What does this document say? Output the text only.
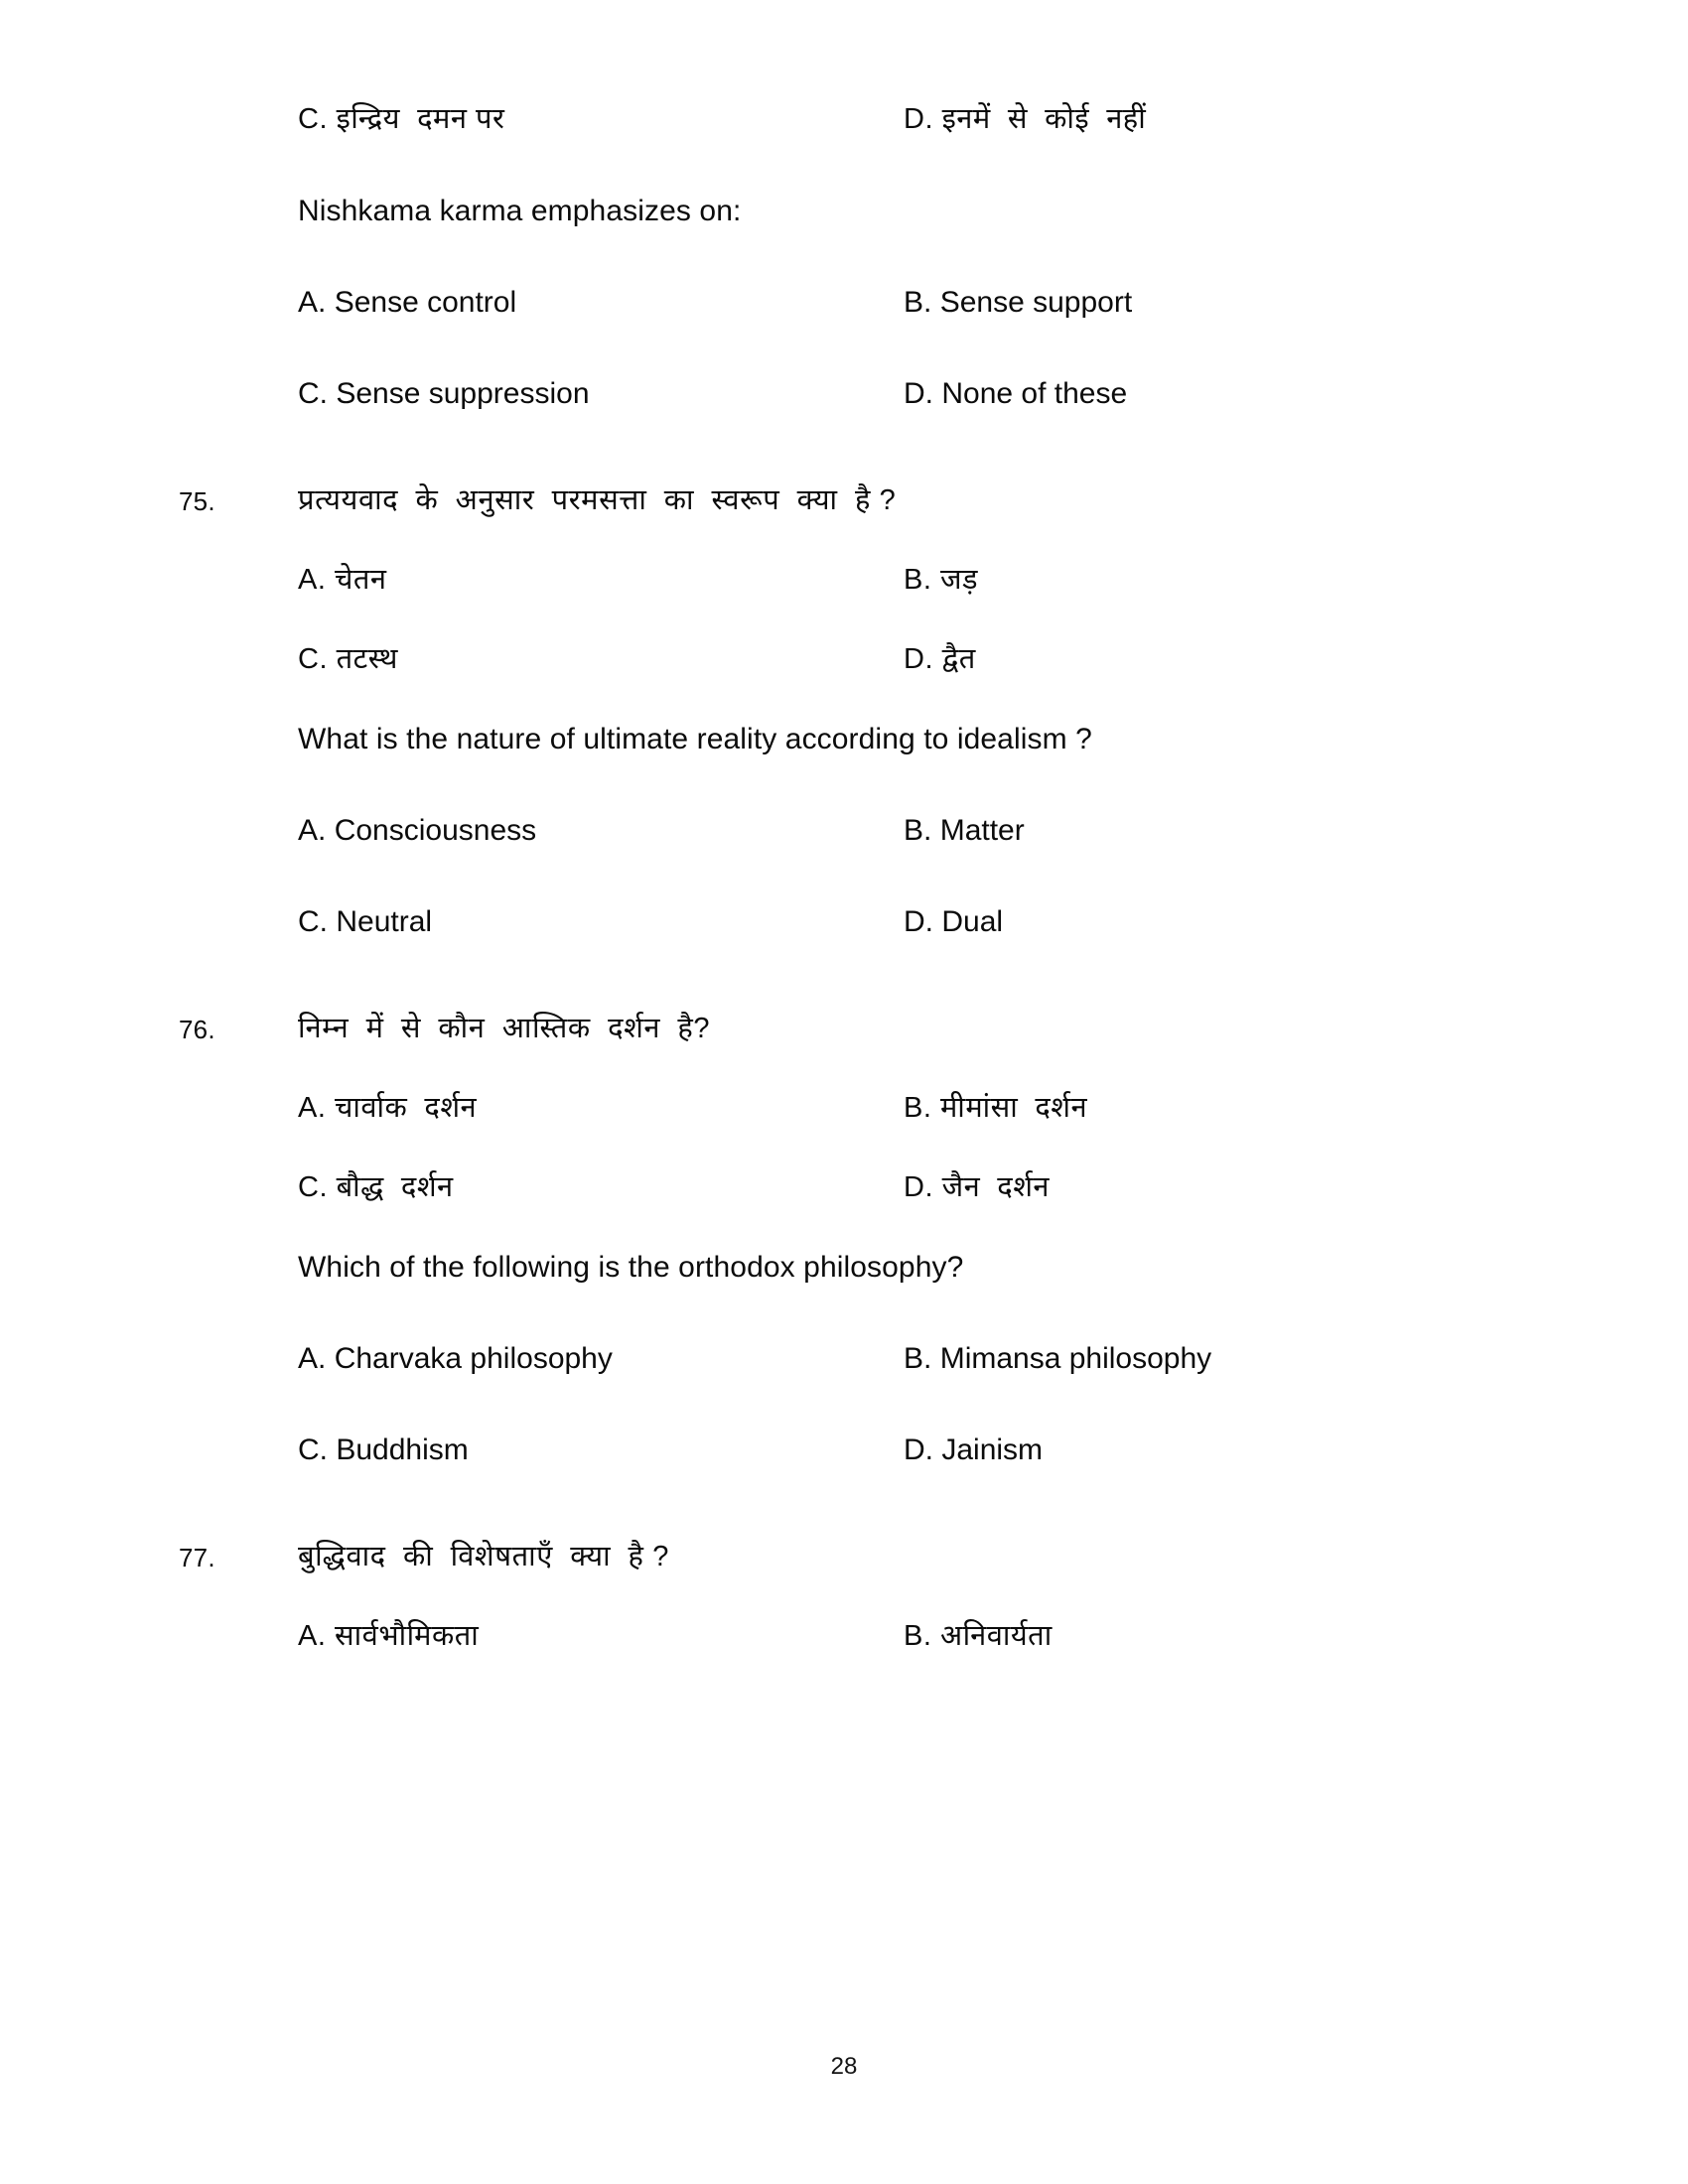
C. इन्द्रिय  दमन पर	D. इनमें  से  कोई  नहीं
Nishkama karma emphasizes on:
A. Sense control	B. Sense support
C. Sense suppression	D. None of these
75.	प्रत्ययवाद  के  अनुसार  परमसत्ता  का  स्वरूप  क्या  है ?
A. चेतन	B. जड़
C. तटस्थ	D. द्वैत
What is the nature of ultimate reality according to idealism ?
A. Consciousness	B. Matter
C. Neutral	D. Dual
76.	निम्न  में  से  कौन  आस्तिक  दर्शन  है?
A. चार्वाक  दर्शन	B. मीमांसा  दर्शन
C. बौद्ध  दर्शन	D. जैन  दर्शन
Which of the following is the orthodox philosophy?
A. Charvaka philosophy	B. Mimansa philosophy
C. Buddhism	D. Jainism
77.	बुद्धिवाद  की  विशेषताएँ  क्या  है ?
A. सार्वभौमिकता	B. अनिवार्यता
28
